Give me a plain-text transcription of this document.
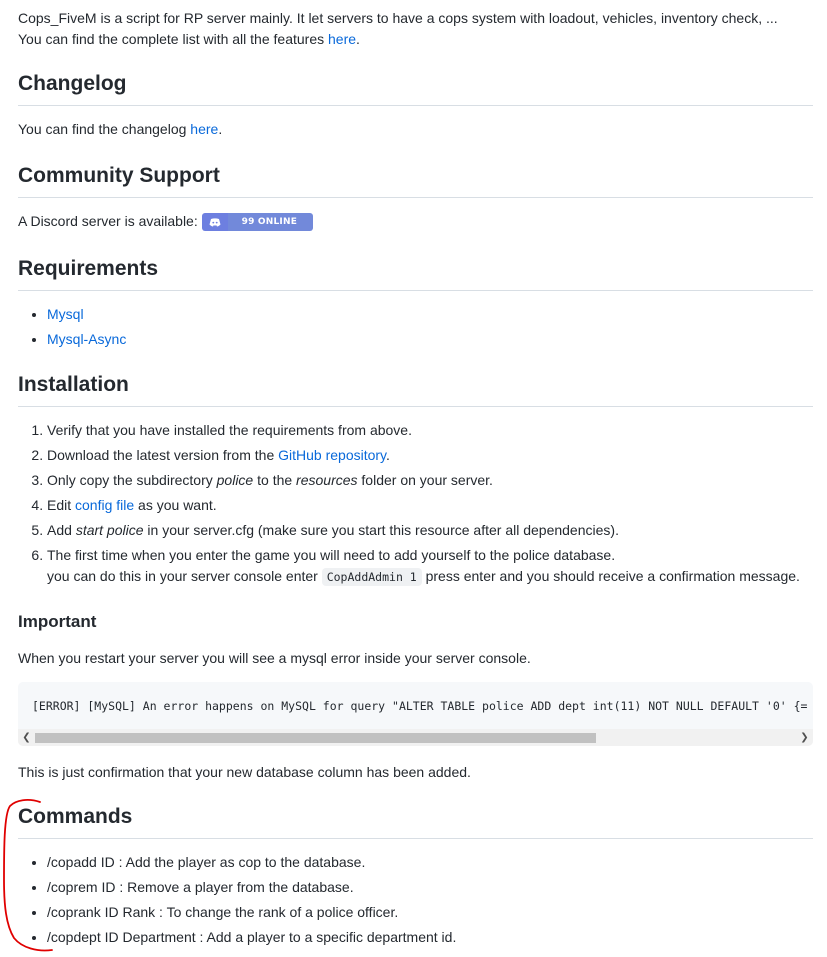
Cops_FiveM is a script for RP server mainly. It let servers to have a cops system with loadout, vehicles, inventory check, ...

You can find the complete list with all the features here.

Changelog

You can find the changelog here.

Community Support

A Discord server is available:	99 ONLINE

Requirements
• Mysql
• Mysql-Async
Installation
1. Verify that you have installed the requirements from above.
2. Download the latest version from the GitHub repository.
3. Only copy the subdirectory police to the resources folder on your server.
4. Edit config file as you want.
5. Add start police in your server.cfg (make sure you start this resource after all dependencies).
6. The first time when you enter the game you will need to add yourself to the police database.
you can do this in your server console enter CopAddAdmin 1 press enter and you should receive a confirmation message.
Important

When you restart your server you will see a mysql error inside your server console.

[ERROR] [MySQL] An error happens on MySQL for query "ALTER TABLE police ADD dept int(11) NOT NULL DEFAULT '0' {=
❮	❯

This is just confirmation that your new database column has been added.

Commands
• /copadd ID : Add the player as cop to the database.
• /coprem ID : Remove a player from the database.
• /coprank ID Rank : To change the rank of a police officer.
• /copdept ID Department : Add a player to a specific department id.
